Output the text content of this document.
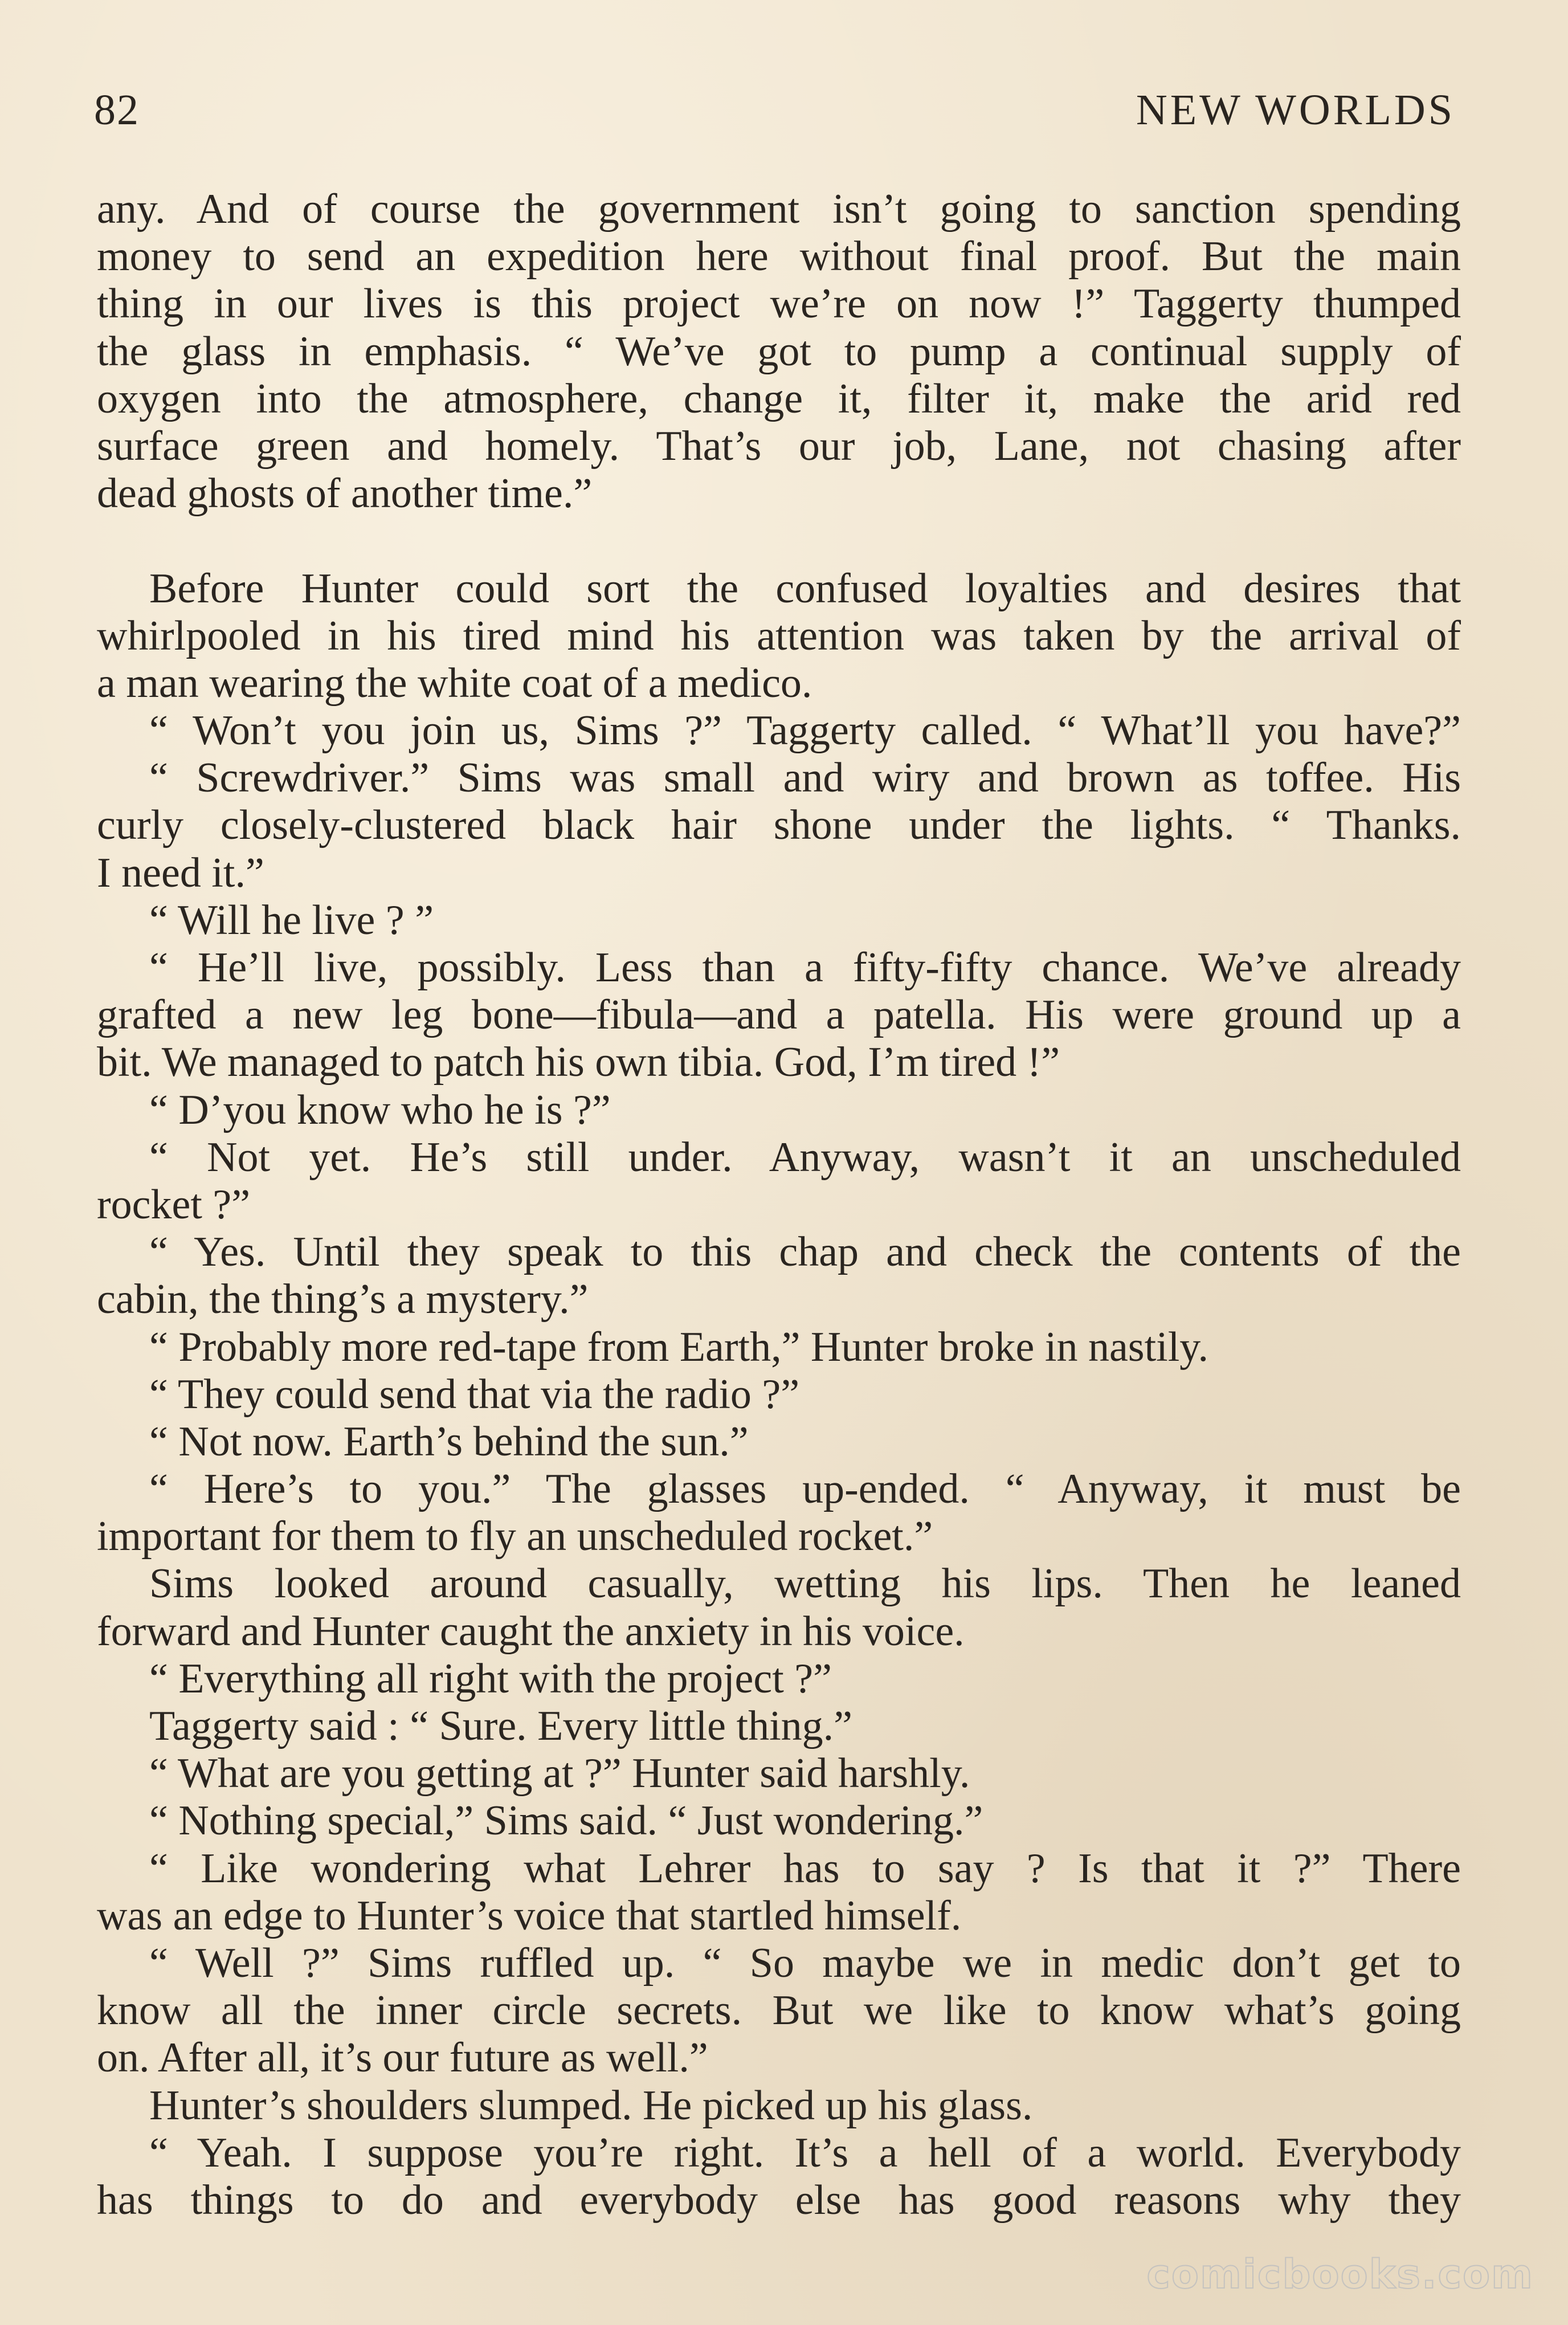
82	NEW WORLDS
any. And of course the government isn’t going to sanction spending
money to send an expedition here without final proof. But the main
thing in our lives is this project we’re on now !” Taggerty thumped
the glass in emphasis. “ We’ve got to pump a continual supply of
oxygen into the atmosphere, change it, filter it, make the arid red
surface green and homely. That’s our job, Lane, not chasing after
dead ghosts of another time.”
Before Hunter could sort the confused loyalties and desires that
whirlpooled in his tired mind his attention was taken by the arrival of
a man wearing the white coat of a medico.
“ Won’t you join us, Sims ?” Taggerty called. “ What’ll you have?”
“ Screwdriver.” Sims was small and wiry and brown as toffee. His
curly closely-clustered black hair shone under the lights. “ Thanks.
I need it.”
“ Will he live ? ”
“ He’ll live, possibly. Less than a fifty-fifty chance. We’ve already
grafted a new leg bone—fibula—and a patella. His were ground up a
bit. We managed to patch his own tibia. God, I’m tired !”
“ D’you know who he is ?”
“ Not yet. He’s still under. Anyway, wasn’t it an unscheduled
rocket ?”
“ Yes. Until they speak to this chap and check the contents of the
cabin, the thing’s a mystery.”
“ Probably more red-tape from Earth,” Hunter broke in nastily.
“ They could send that via the radio ?”
“ Not now. Earth’s behind the sun.”
“ Here’s to you.” The glasses up-ended. “ Anyway, it must be
important for them to fly an unscheduled rocket.”
Sims looked around casually, wetting his lips. Then he leaned
forward and Hunter caught the anxiety in his voice.
“ Everything all right with the project ?”
Taggerty said : “ Sure. Every little thing.”
“ What are you getting at ?” Hunter said harshly.
“ Nothing special,” Sims said. “ Just wondering.”
“ Like wondering what Lehrer has to say ? Is that it ?” There
was an edge to Hunter’s voice that startled himself.
“ Well ?” Sims ruffled up. “ So maybe we in medic don’t get to
know all the inner circle secrets. But we like to know what’s going
on. After all, it’s our future as well.”
Hunter’s shoulders slumped. He picked up his glass.
“ Yeah. I suppose you’re right. It’s a hell of a world. Everybody
has things to do and everybody else has good reasons why they
comicbooks.com
